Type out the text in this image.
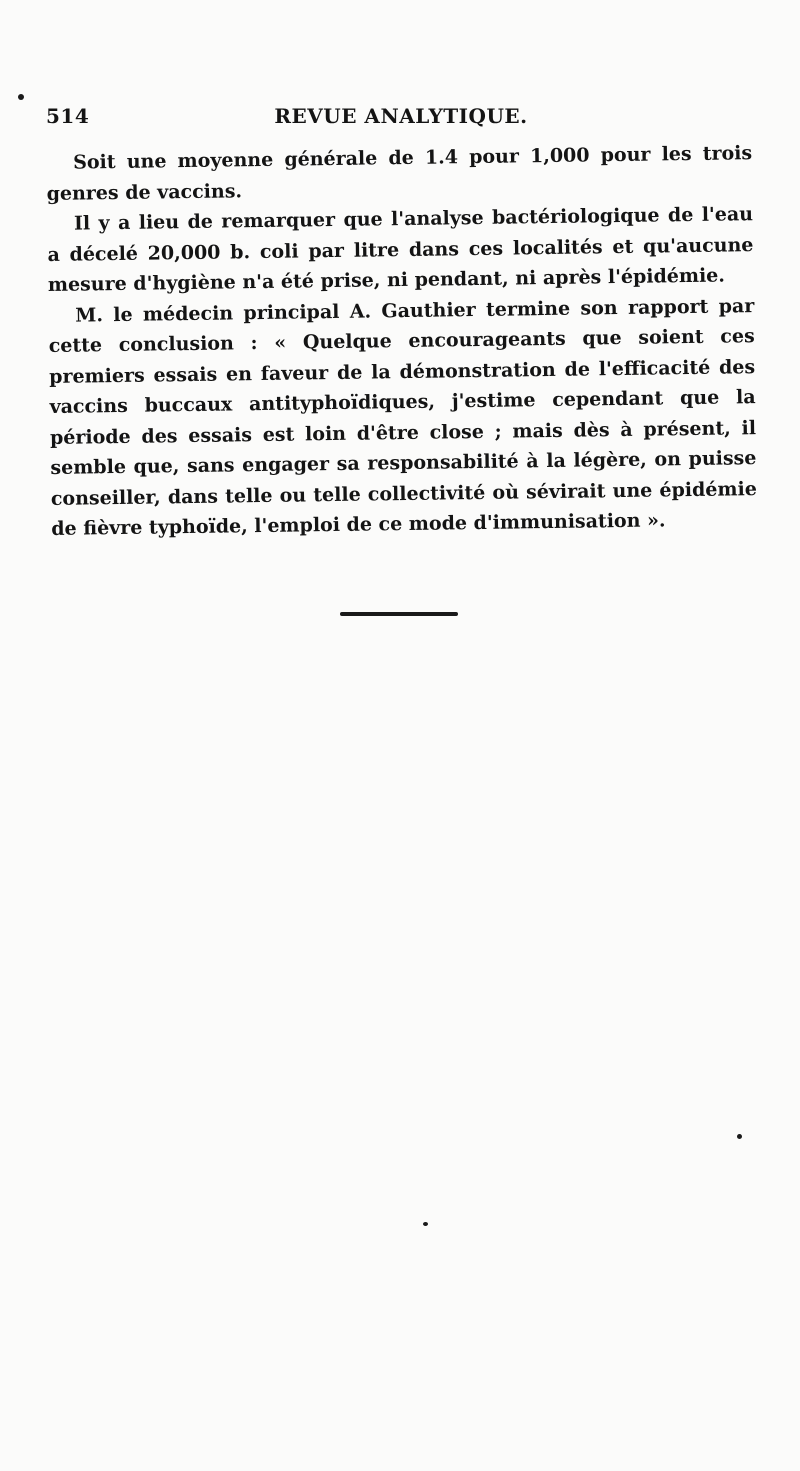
514	REVUE ANALYTIQUE.

Soit une moyenne générale de 1.4 pour 1,000 pour les trois genres de vaccins.

Il y a lieu de remarquer que l'analyse bactériologique de l'eau a décelé 20,000 b. coli par litre dans ces localités et qu'aucune mesure d'hygiène n'a été prise, ni pendant, ni après l'épidémie.

M. le médecin principal A. Gauthier termine son rapport par cette conclusion : « Quelque encourageants que soient ces premiers essais en faveur de la démonstration de l'efficacité des vaccins buccaux antityphoïdiques, j'estime cependant que la période des essais est loin d'être close ; mais dès à présent, il semble que, sans engager sa responsabilité à la légère, on puisse conseiller, dans telle ou telle collectivité où sévirait une épidémie de fièvre typhoïde, l'emploi de ce mode d'immunisation ».
